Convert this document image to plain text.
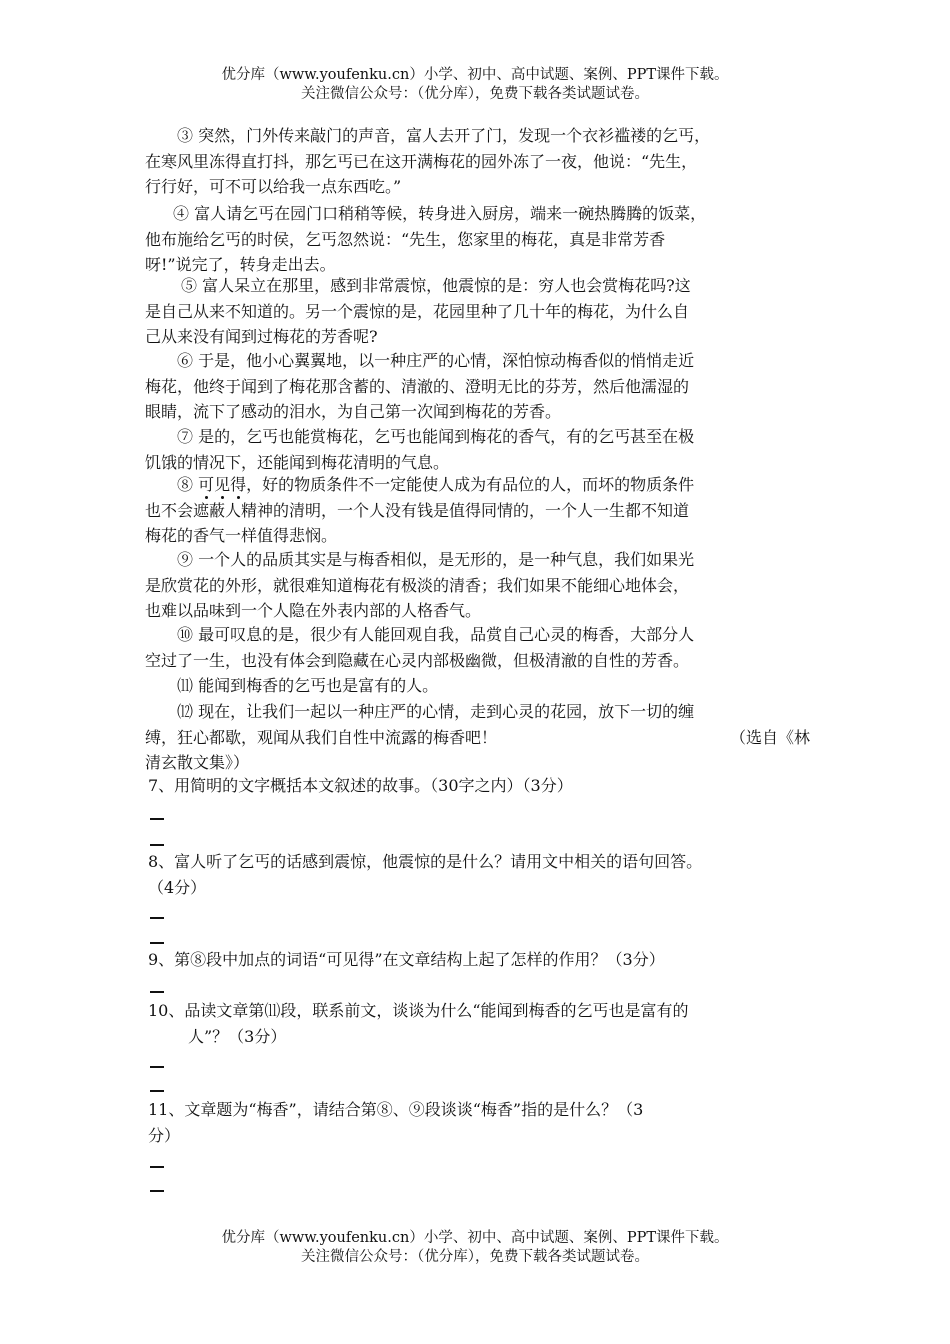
优分库（www.youfenku.cn）小学、初中、高中试题、案例、PPT课件下载。
关注微信公众号：（优分库），免费下载各类试题试卷。
③ 突然，门外传来敲门的声音，富人去开了门，发现一个衣衫褴褛的乞丐，
在寒风里冻得直打抖，那乞丐已在这开满梅花的园外冻了一夜，他说：“先生，
行行好，可不可以给我一点东西吃。”
④ 富人请乞丐在园门口稍稍等候，转身进入厨房，端来一碗热腾腾的饭菜，
他布施给乞丐的时侯，乞丐忽然说：“先生，您家里的梅花，真是非常芳香
呀!”说完了，转身走出去。
⑤ 富人呆立在那里，感到非常震惊，他震惊的是：穷人也会赏梅花吗?这
是自己从来不知道的。另一个震惊的是，花园里种了几十年的梅花，为什么自
己从来没有闻到过梅花的芳香呢?
⑥ 于是，他小心翼翼地，以一种庄严的心情，深怕惊动梅香似的悄悄走近
梅花，他终于闻到了梅花那含蓄的、清澈的、澄明无比的芬芳，然后他濡湿的
眼睛，流下了感动的泪水，为自己第一次闻到梅花的芳香。
⑦ 是的，乞丐也能赏梅花，乞丐也能闻到梅花的香气，有的乞丐甚至在极
饥饿的情况下，还能闻到梅花清明的气息。
⑧ 可见得，好的物质条件不一定能使人成为有品位的人，而坏的物质条件
也不会遮蔽人精神的清明，一个人没有钱是值得同情的，一个人一生都不知道
梅花的香气一样值得悲悯。
⑨ 一个人的品质其实是与梅香相似，是无形的，是一种气息，我们如果光
是欣赏花的外形，就很难知道梅花有极淡的清香；我们如果不能细心地体会，
也难以品味到一个人隐在外表内部的人格香气。
⑩ 最可叹息的是，很少有人能回观自我，品赏自己心灵的梅香，大部分人
空过了一生，也没有体会到隐藏在心灵内部极幽微，但极清澈的自性的芳香。
⑾ 能闻到梅香的乞丐也是富有的人。
⑿ 现在，让我们一起以一种庄严的心情，走到心灵的花园，放下一切的缠
缚，狂心都歇，观闻从我们自性中流露的梅香吧！	（选自《林
清玄散文集》）
7、用简明的文字概括本文叙述的故事。（30字之内）（3分）
8、富人听了乞丐的话感到震惊，他震惊的是什么？请用文中相关的语句回答。
（4分）
9、第⑧段中加点的词语“可见得”在文章结构上起了怎样的作用？（3分）
10、品读文章第⑾段，联系前文，谈谈为什么“能闻到梅香的乞丐也是富有的
人”？（3分）
11、文章题为“梅香”，请结合第⑧、⑨段谈谈“梅香”指的是什么？（3
分）
优分库（www.youfenku.cn）小学、初中、高中试题、案例、PPT课件下载。
关注微信公众号：（优分库），免费下载各类试题试卷。
